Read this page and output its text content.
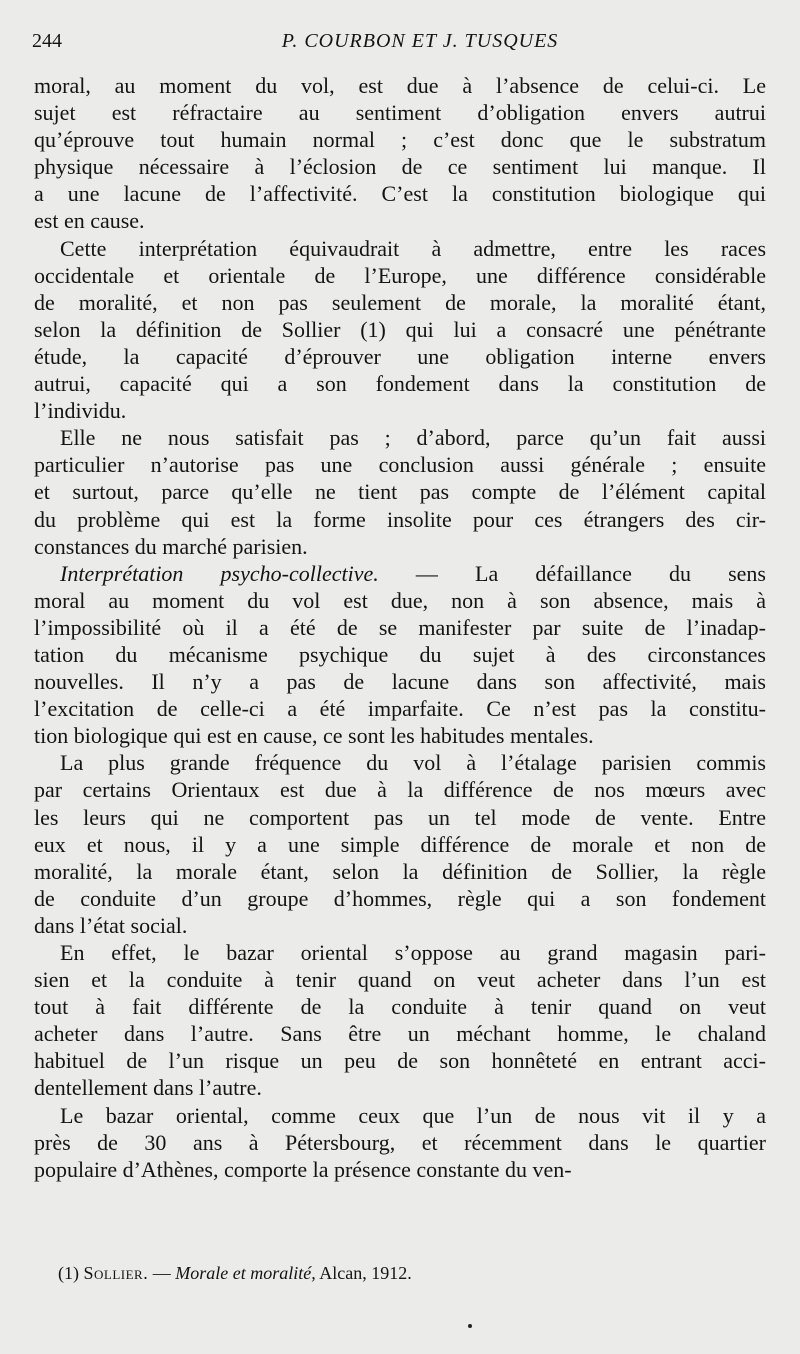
244	P. COURBON ET J. TUSQUES
moral, au moment du vol, est due à l’absence de celui-ci. Le
sujet est réfractaire au sentiment d’obligation envers autrui
qu’éprouve tout humain normal ; c’est donc que le substratum
physique nécessaire à l’éclosion de ce sentiment lui manque. Il
a une lacune de l’affectivité. C’est la constitution biologique qui
est en cause.
Cette interprétation équivaudrait à admettre, entre les races
occidentale et orientale de l’Europe, une différence considérable
de moralité, et non pas seulement de morale, la moralité étant,
selon la définition de Sollier (1) qui lui a consacré une pénétrante
étude, la capacité d’éprouver une obligation interne envers
autrui, capacité qui a son fondement dans la constitution de
l’individu.
Elle ne nous satisfait pas ; d’abord, parce qu’un fait aussi
particulier n’autorise pas une conclusion aussi générale ; ensuite
et surtout, parce qu’elle ne tient pas compte de l’élément capital
du problème qui est la forme insolite pour ces étrangers des cir-
constances du marché parisien.
Interprétation psycho-collective. — La défaillance du sens
moral au moment du vol est due, non à son absence, mais à
l’impossibilité où il a été de se manifester par suite de l’inadap-
tation du mécanisme psychique du sujet à des circonstances
nouvelles. Il n’y a pas de lacune dans son affectivité, mais
l’excitation de celle-ci a été imparfaite. Ce n’est pas la constitu-
tion biologique qui est en cause, ce sont les habitudes mentales.
La plus grande fréquence du vol à l’étalage parisien commis
par certains Orientaux est due à la différence de nos mœurs avec
les leurs qui ne comportent pas un tel mode de vente. Entre
eux et nous, il y a une simple différence de morale et non de
moralité, la morale étant, selon la définition de Sollier, la règle
de conduite d’un groupe d’hommes, règle qui a son fondement
dans l’état social.
En effet, le bazar oriental s’oppose au grand magasin pari-
sien et la conduite à tenir quand on veut acheter dans l’un est
tout à fait différente de la conduite à tenir quand on veut
acheter dans l’autre. Sans être un méchant homme, le chaland
habituel de l’un risque un peu de son honnêteté en entrant acci-
dentellement dans l’autre.
Le bazar oriental, comme ceux que l’un de nous vit il y a
près de 30 ans à Pétersbourg, et récemment dans le quartier
populaire d’Athènes, comporte la présence constante du ven-
(1) Sollier. — Morale et moralité, Alcan, 1912.
